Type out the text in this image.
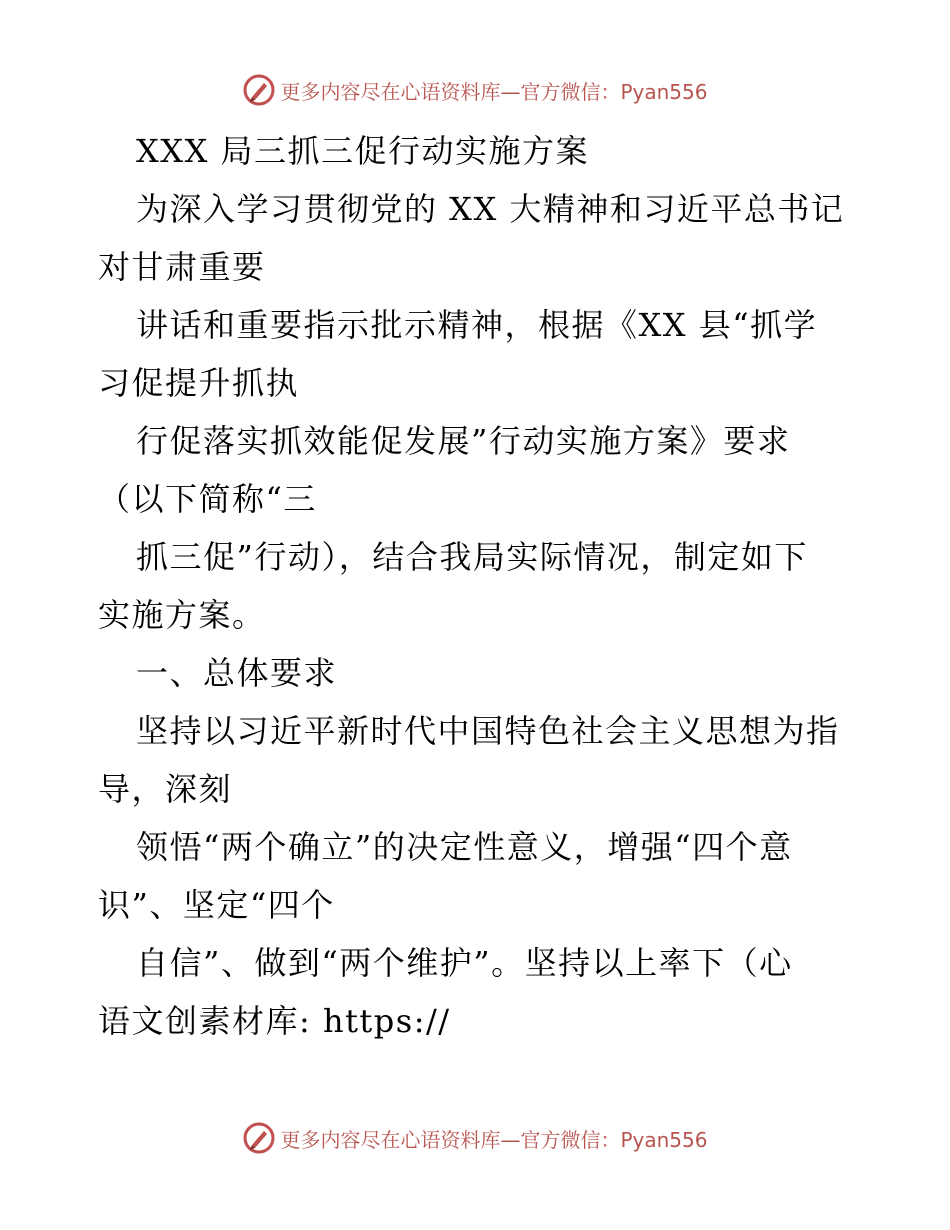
更多内容尽在心语资料库—官方微信：Pyan556
XXX 局三抓三促行动实施方案
为深入学习贯彻党的 XX 大精神和习近平总书记
对甘肃重要
讲话和重要指示批示精神，根据《XX 县“抓学
习促提升抓执
行促落实抓效能促发展”行动实施方案》要求
（以下简称“三
抓三促”行动），结合我局实际情况，制定如下
实施方案。
一、总体要求
坚持以习近平新时代中国特色社会主义思想为指
导，深刻
领悟“两个确立”的决定性意义，增强“四个意
识”、坚定“四个
自信”、做到“两个维护”。坚持以上率下（心
语文创素材库: https://
更多内容尽在心语资料库—官方微信：Pyan556
